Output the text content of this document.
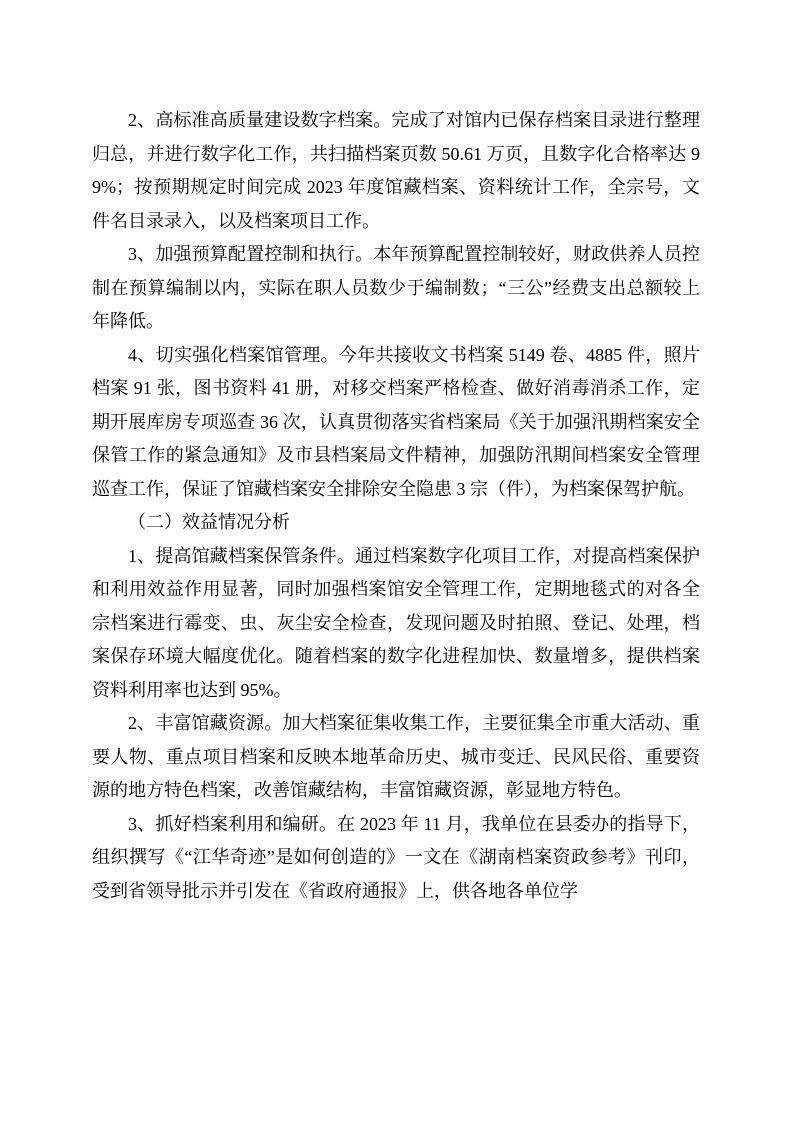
2、高标准高质量建设数字档案。完成了对馆内已保存档案目录进行整理归总，并进行数字化工作，共扫描档案页数 50.61 万页，且数字化合格率达 99%；按预期规定时间完成 2023 年度馆藏档案、资料统计工作，全宗号，文件名目录录入，以及档案项目工作。

3、加强预算配置控制和执行。本年预算配置控制较好，财政供养人员控制在预算编制以内，实际在职人员数少于编制数；“三公”经费支出总额较上年降低。

4、切实强化档案馆管理。今年共接收文书档案 5149 卷、4885 件，照片档案 91 张，图书资料 41 册，对移交档案严格检查、做好消毒消杀工作，定期开展库房专项巡查 36 次，认真贯彻落实省档案局《关于加强汛期档案安全保管工作的紧急通知》及市县档案局文件精神，加强防汛期间档案安全管理巡查工作，保证了馆藏档案安全排除安全隐患 3 宗（件），为档案保驾护航。

（二）效益情况分析

1、提高馆藏档案保管条件。通过档案数字化项目工作，对提高档案保护和利用效益作用显著，同时加强档案馆安全管理工作，定期地毯式的对各全宗档案进行霉变、虫、灰尘安全检查，发现问题及时拍照、登记、处理，档案保存环境大幅度优化。随着档案的数字化进程加快、数量增多，提供档案资料利用率也达到 95%。

2、丰富馆藏资源。加大档案征集收集工作，主要征集全市重大活动、重要人物、重点项目档案和反映本地革命历史、城市变迁、民风民俗、重要资源的地方特色档案，改善馆藏结构，丰富馆藏资源，彰显地方特色。

3、抓好档案利用和编研。在 2023 年 11 月，我单位在县委办的指导下，组织撰写《“江华奇迹”是如何创造的》一文在《湖南档案资政参考》刊印，受到省领导批示并引发在《省政府通报》上，供各地各单位学
